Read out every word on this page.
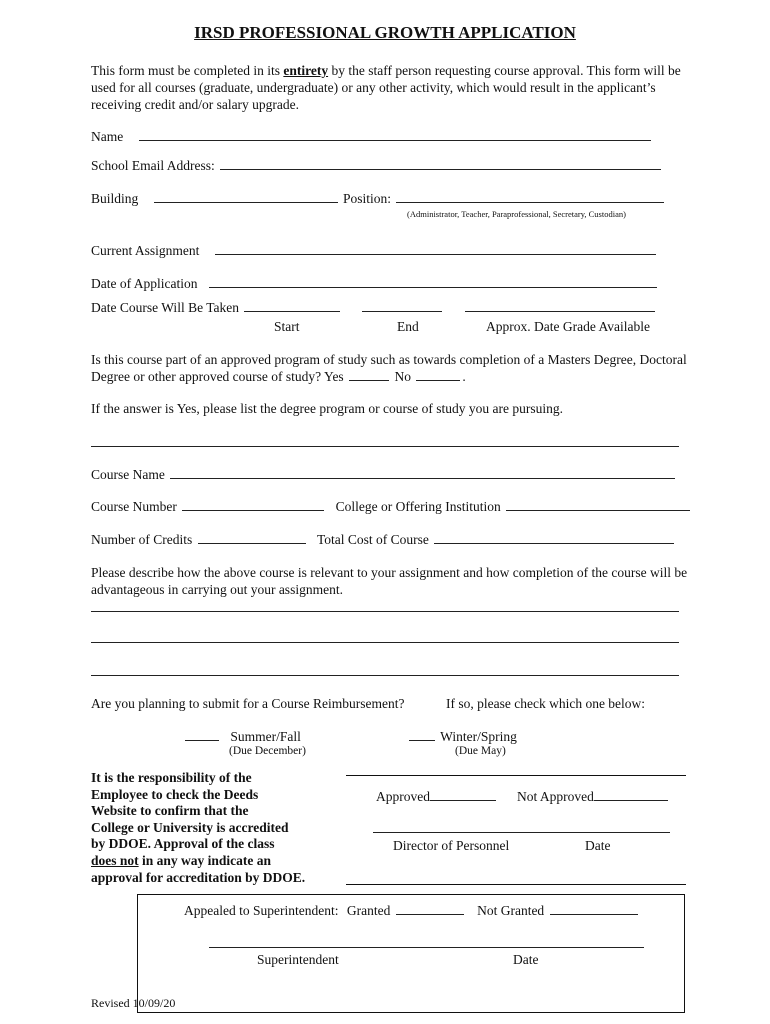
IRSD PROFESSIONAL GROWTH APPLICATION
This form must be completed in its entirety by the staff person requesting course approval. This form will be used for all courses (graduate, undergraduate) or any other activity, which would result in the applicant’s receiving credit and/or salary upgrade.
Name
School Email Address:
Building	Position:
(Administrator, Teacher, Paraprofessional, Secretary, Custodian)
Current Assignment
Date of Application
Date Course Will Be Taken
Start	End	Approx. Date Grade Available
Is this course part of an approved program of study such as towards completion of a Masters Degree, Doctoral Degree or other approved course of study? Yes	No	.
If the answer is Yes, please list the degree program or course of study you are pursuing.
Course Name
Course Number	College or Offering Institution
Number of Credits	Total Cost of Course
Please describe how the above course is relevant to your assignment and how completion of the course will be advantageous in carrying out your assignment.
Are you planning to submit for a Course Reimbursement?	If so, please check which one below:
Summer/Fall
(Due December)
Winter/Spring
(Due May)
It is the responsibility of the
Employee to check the Deeds
Website to confirm that the
College or University is accredited
by DDOE. Approval of the class
does not in any way indicate an
approval for accreditation by DDOE.
Approved	Not Approved
Director of Personnel	Date
Appealed to Superintendent: Granted	Not Granted
Superintendent	Date
Revised 10/09/20
